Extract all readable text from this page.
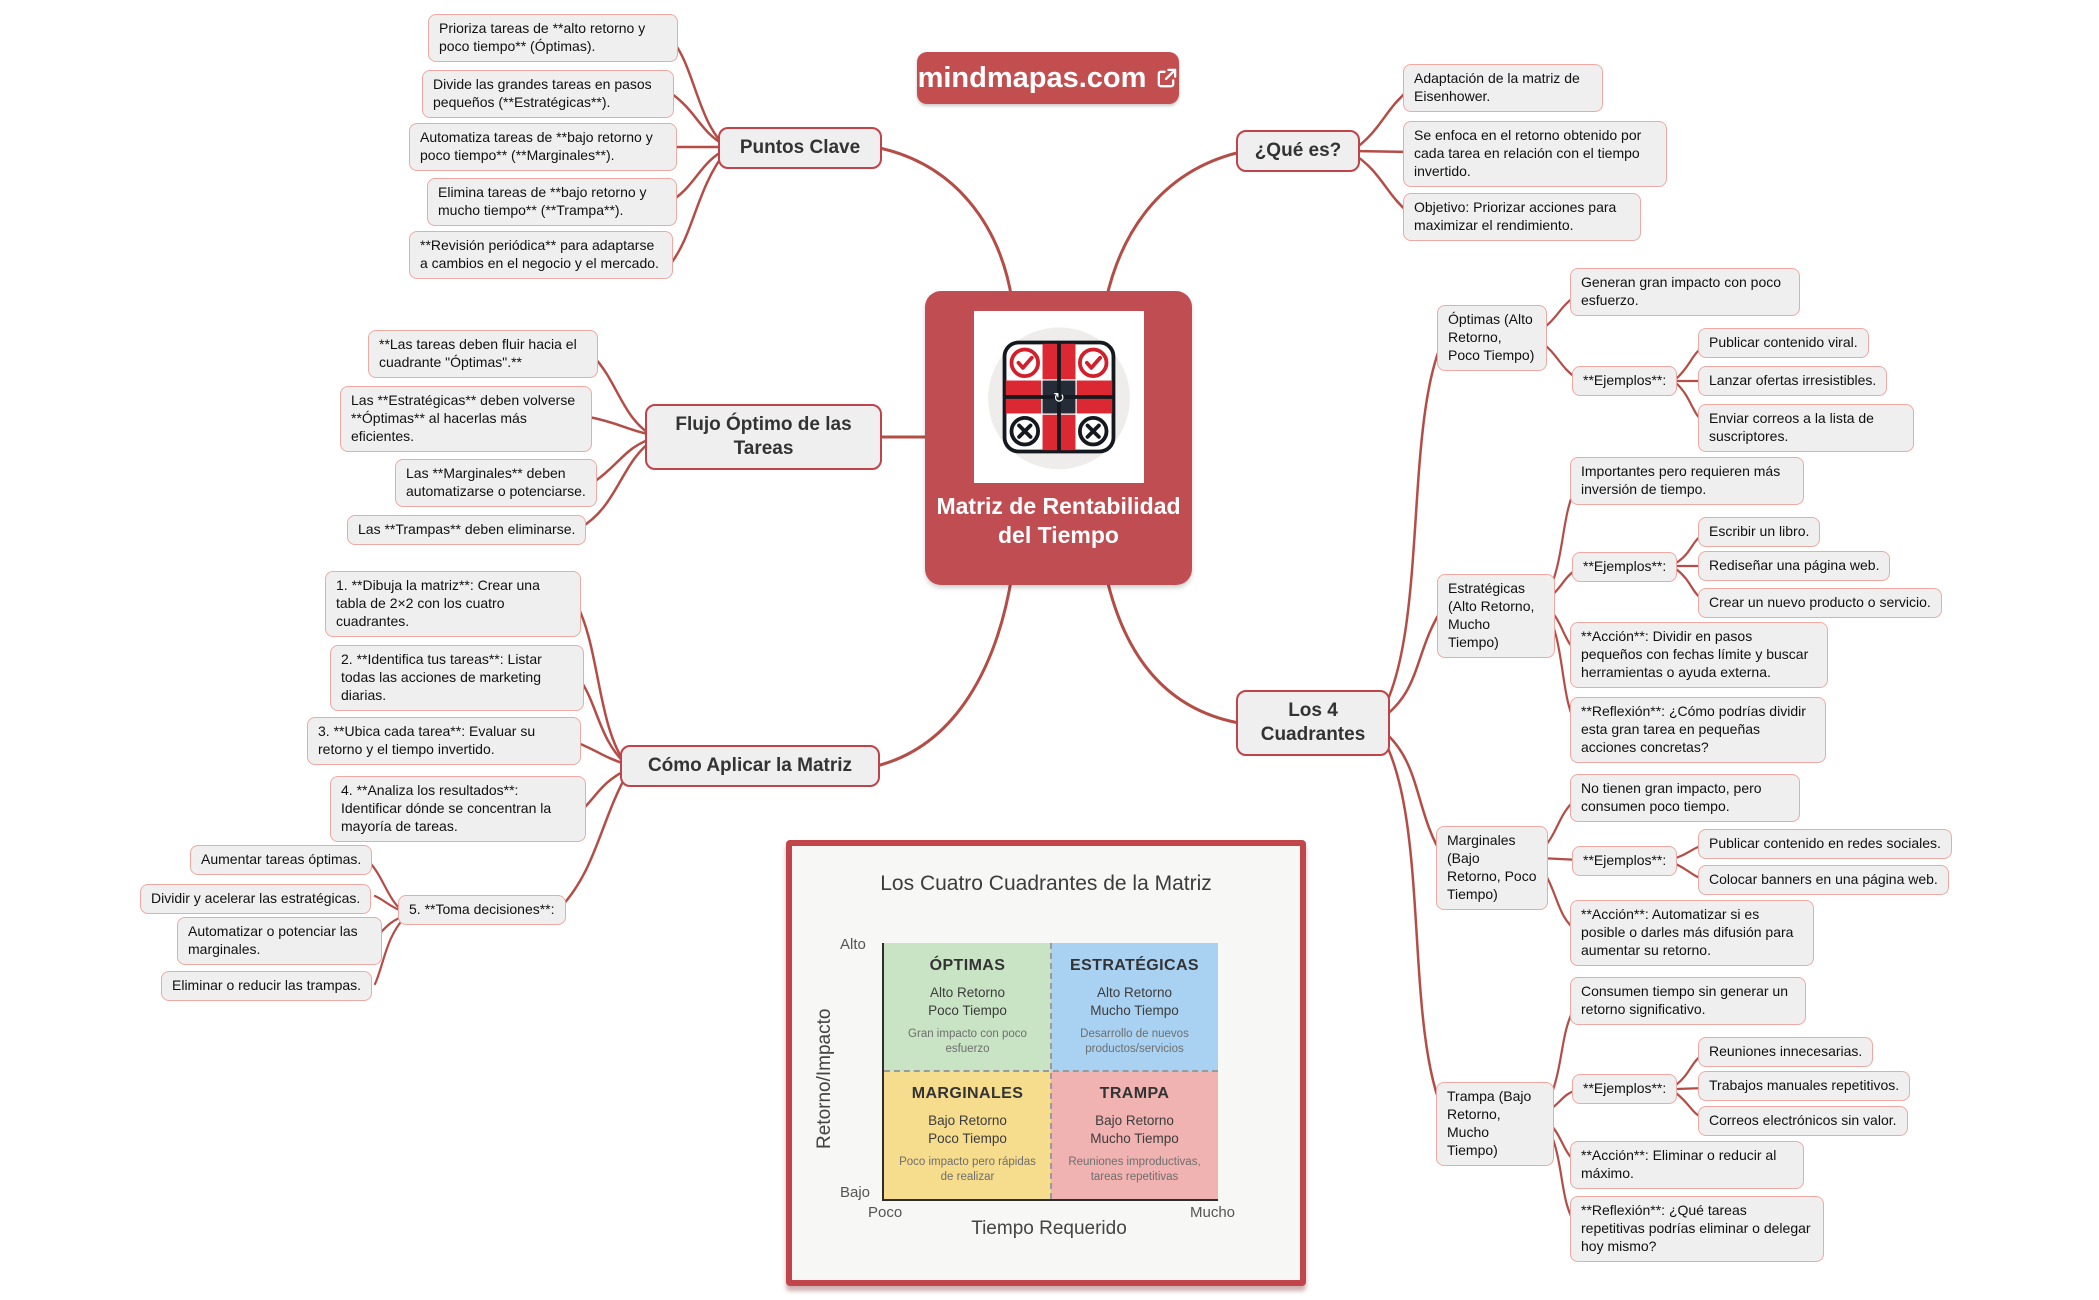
mindmapas.com
↻
Matriz de Rentabilidad del Tiempo
Puntos Clave
Prioriza tareas de **alto retorno y poco tiempo** (Óptimas).
Divide las grandes tareas en pasos pequeños (**Estratégicas**).
Automatiza tareas de **bajo retorno y poco tiempo** (**Marginales**).
Elimina tareas de **bajo retorno y mucho tiempo** (**Trampa**).
**Revisión periódica** para adaptarse a cambios en el negocio y el mercado.
Flujo Óptimo de las Tareas
**Las tareas deben fluir hacia el cuadrante "Óptimas".**
Las **Estratégicas** deben volverse **Óptimas** al hacerlas más eficientes.
Las **Marginales** deben automatizarse o potenciarse.
Las **Trampas** deben eliminarse.
Cómo Aplicar la Matriz
1. **Dibuja la matriz**: Crear una tabla de 2×2 con los cuatro cuadrantes.
2. **Identifica tus tareas**: Listar todas las acciones de marketing diarias.
3. **Ubica cada tarea**: Evaluar su retorno y el tiempo invertido.
4. **Analiza los resultados**: Identificar dónde se concentran la mayoría de tareas.
5. **Toma decisiones**:
Aumentar tareas óptimas.
Dividir y acelerar las estratégicas.
Automatizar o potenciar las marginales.
Eliminar o reducir las trampas.
¿Qué es?
Adaptación de la matriz de Eisenhower.
Se enfoca en el retorno obtenido por cada tarea en relación con el tiempo invertido.
Objetivo: Priorizar acciones para maximizar el rendimiento.
Los 4 Cuadrantes
Óptimas (Alto Retorno, Poco Tiempo)
Generan gran impacto con poco esfuerzo.
**Ejemplos**:
Publicar contenido viral.
Lanzar ofertas irresistibles.
Enviar correos a la lista de suscriptores.
Estratégicas (Alto Retorno, Mucho Tiempo)
Importantes pero requieren más inversión de tiempo.
**Ejemplos**:
Escribir un libro.
Rediseñar una página web.
Crear un nuevo producto o servicio.
**Acción**: Dividir en pasos pequeños con fechas límite y buscar herramientas o ayuda externa.
**Reflexión**: ¿Cómo podrías dividir esta gran tarea en pequeñas acciones concretas?
Marginales (Bajo Retorno, Poco Tiempo)
No tienen gran impacto, pero consumen poco tiempo.
**Ejemplos**:
Publicar contenido en redes sociales.
Colocar banners en una página web.
**Acción**: Automatizar si es posible o darles más difusión para aumentar su retorno.
Trampa (Bajo Retorno, Mucho Tiempo)
Consumen tiempo sin generar un retorno significativo.
**Ejemplos**:
Reuniones innecesarias.
Trabajos manuales repetitivos.
Correos electrónicos sin valor.
**Acción**: Eliminar o reducir al máximo.
**Reflexión**: ¿Qué tareas repetitivas podrías eliminar o delegar hoy mismo?
Los Cuatro Cuadrantes de la Matriz
ÓPTIMAS
Alto Retorno
Poco Tiempo
Gran impacto con poco esfuerzo
ESTRATÉGICAS
Alto Retorno
Mucho Tiempo
Desarrollo de nuevos productos/servicios
MARGINALES
Bajo Retorno
Poco Tiempo
Poco impacto pero rápidas de realizar
TRAMPA
Bajo Retorno
Mucho Tiempo
Reuniones improductivas, tareas repetitivas
Alto
Bajo
Poco	Mucho
Tiempo Requerido
Retorno/Impacto
